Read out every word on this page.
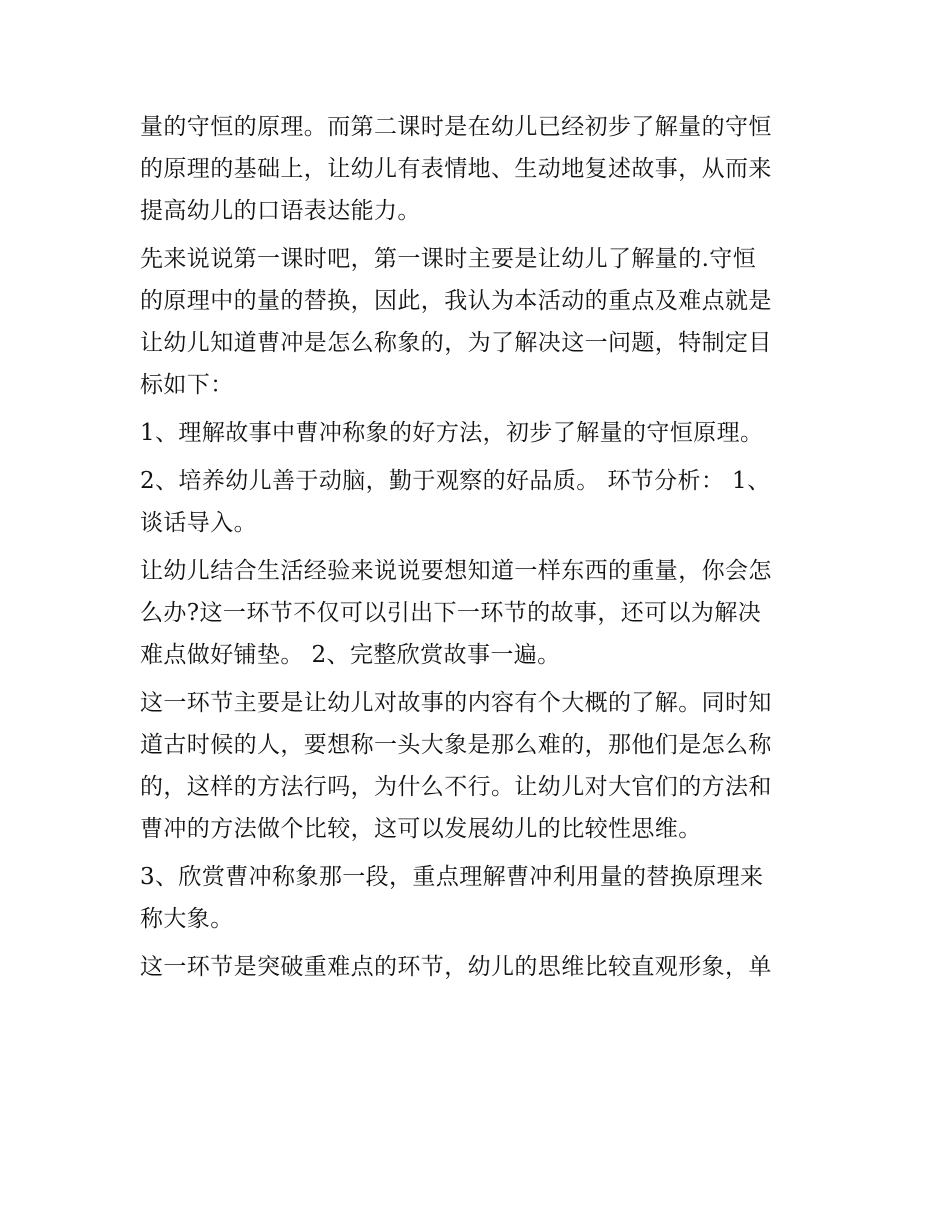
量的守恒的原理。而第二课时是在幼儿已经初步了解量的守恒
的原理的基础上，让幼儿有表情地、生动地复述故事，从而来
提高幼儿的口语表达能力。
先来说说第一课时吧，第一课时主要是让幼儿了解量的.守恒
的原理中的量的替换，因此，我认为本活动的重点及难点就是
让幼儿知道曹冲是怎么称象的，为了解决这一问题，特制定目
标如下：
1、理解故事中曹冲称象的好方法，初步了解量的守恒原理。
2、培养幼儿善于动脑，勤于观察的好品质。 环节分析： 1、
谈话导入。
让幼儿结合生活经验来说说要想知道一样东西的重量，你会怎
么办?这一环节不仅可以引出下一环节的故事，还可以为解决
难点做好铺垫。 2、完整欣赏故事一遍。
这一环节主要是让幼儿对故事的内容有个大概的了解。同时知
道古时候的人，要想称一头大象是那么难的，那他们是怎么称
的，这样的方法行吗，为什么不行。让幼儿对大官们的方法和
曹冲的方法做个比较，这可以发展幼儿的比较性思维。
3、欣赏曹冲称象那一段，重点理解曹冲利用量的替换原理来
称大象。
这一环节是突破重难点的环节，幼儿的思维比较直观形象，单
